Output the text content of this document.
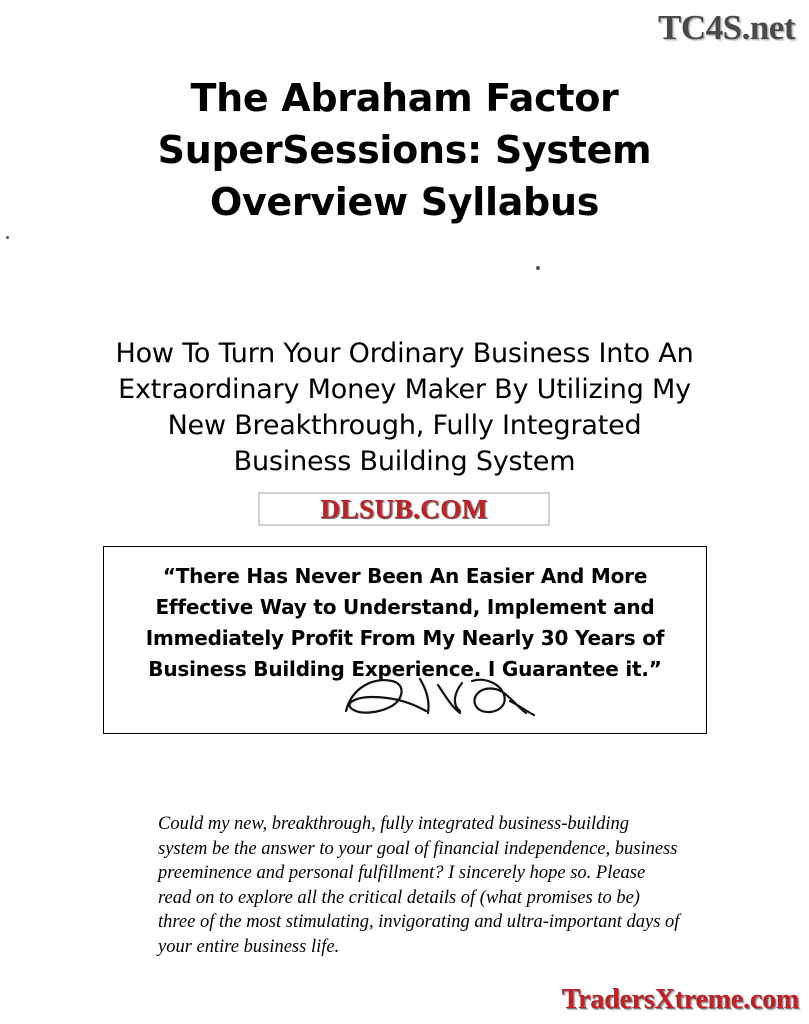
TC4S.net
The Abraham Factor
SuperSessions: System
Overview Syllabus
How To Turn Your Ordinary Business Into An
Extraordinary Money Maker By Utilizing My
New Breakthrough, Fully Integrated
Business Building System
DLSUB.COM
“There Has Never Been An Easier And More
Effective Way to Understand, Implement and
Immediately Profit From My Nearly 30 Years of
Business Building Experience. I Guarantee it.”
Could my new, breakthrough, fully integrated business-building
system be the answer to your goal of financial independence, business
preeminence and personal fulfillment? I sincerely hope so. Please
read on to explore all the critical details of (what promises to be)
three of the most stimulating, invigorating and ultra-important days of
your entire business life.
TradersXtreme.com
